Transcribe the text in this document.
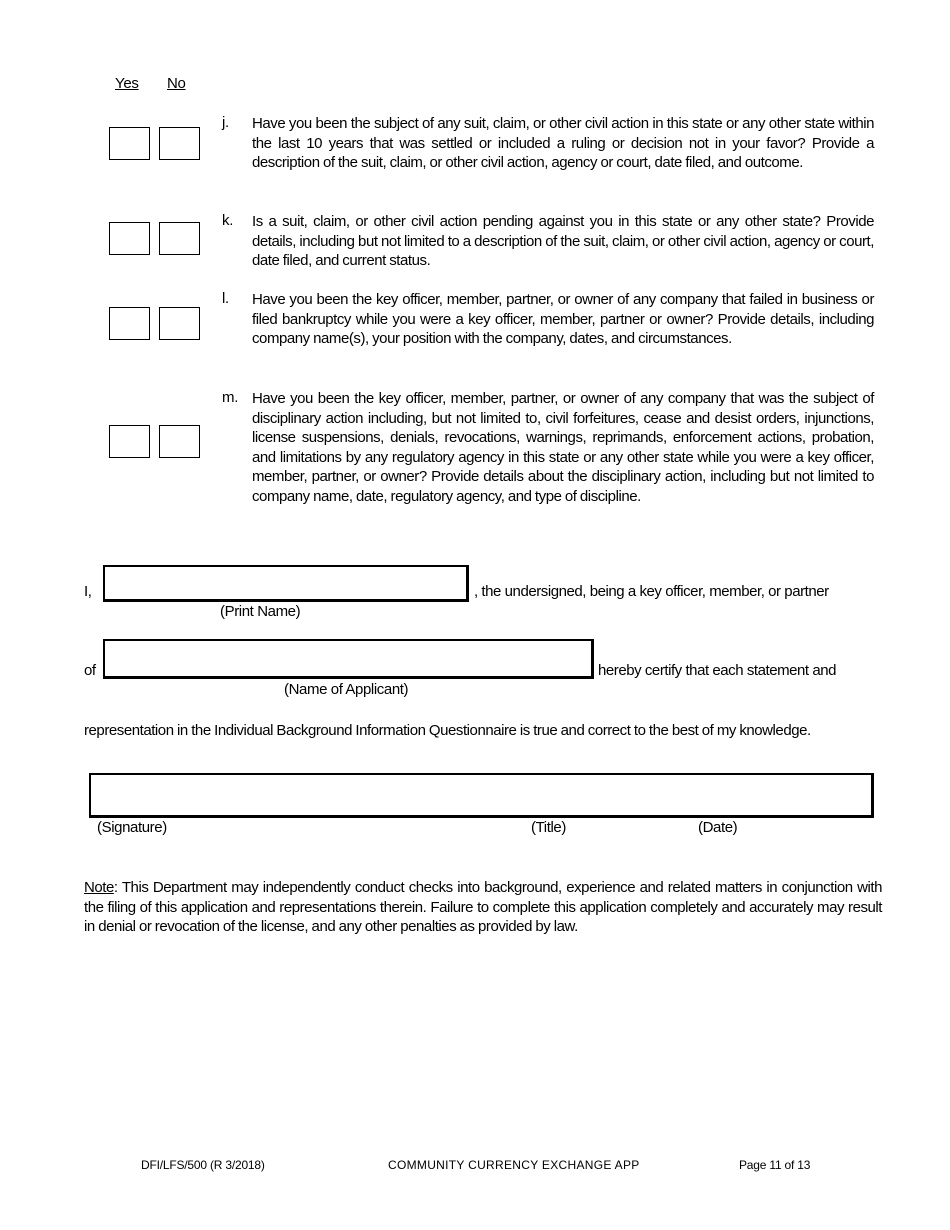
Yes No
j. Have you been the subject of any suit, claim, or other civil action in this state or any other state within the last 10 years that was settled or included a ruling or decision not in your favor? Provide a description of the suit, claim, or other civil action, agency or court, date filed, and outcome.
k. Is a suit, claim, or other civil action pending against you in this state or any other state? Provide details, including but not limited to a description of the suit, claim, or other civil action, agency or court, date filed, and current status.
l. Have you been the key officer, member, partner, or owner of any company that failed in business or filed bankruptcy while you were a key officer, member, partner or owner? Provide details, including company name(s), your position with the company, dates, and circumstances.
m. Have you been the key officer, member, partner, or owner of any company that was the subject of disciplinary action including, but not limited to, civil forfeitures, cease and desist orders, injunctions, license suspensions, denials, revocations, warnings, reprimands, enforcement actions, probation, and limitations by any regulatory agency in this state or any other state while you were a key officer, member, partner, or owner? Provide details about the disciplinary action, including but not limited to company name, date, regulatory agency, and type of discipline.
I,	, the undersigned, being a key officer, member, or partner
(Print Name)
of	hereby certify that each statement and
(Name of Applicant)
representation in the Individual Background Information Questionnaire is true and correct to the best of my knowledge.
(Signature)	(Title)	(Date)
Note: This Department may independently conduct checks into background, experience and related matters in conjunction with the filing of this application and representations therein. Failure to complete this application completely and accurately may result in denial or revocation of the license, and any other penalties as provided by law.
DFI/LFS/500 (R 3/2018)	COMMUNITY CURRENCY EXCHANGE APP	Page 11 of 13
